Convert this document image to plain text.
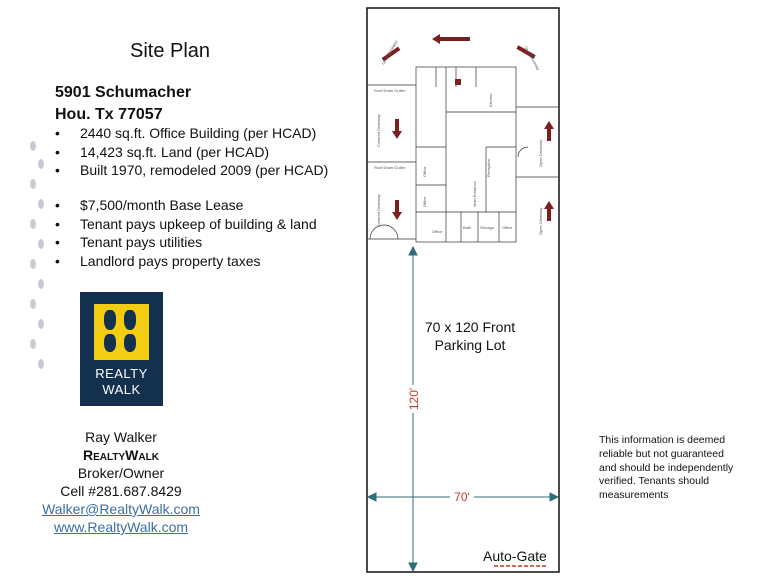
Site Plan
5901 Schumacher
Hou. Tx 77057
• 2440 sq.ft. Office Building (per HCAD)
• 14,423 sq.ft. Land (per HCAD)
• Built 1970, remodeled 2009 (per HCAD)
• $7,500/month Base Lease
• Tenant pays upkeep of building & land
• Tenant pays utilities
• Landlord pays property taxes
REALTY
WALK
Ray Walker
RealtyWalk
Broker/Owner
Cell #281.687.8429
Walker@RealtyWalk.com
www.RealtyWalk.com
This information is deemed reliable but not guaranteed and should be independently verified. Tenants should measurements
Open Driveway	Open Driveway
Covered Driveway
Covered Driveway
Open Driveway
Open Driveway
Roof Drain Gutter
Roof Drain Gutter
Kitchen
Reception
Main Entrance
Office
Office
Office
Bath Storage Office
70'
120'
70 x 120 Front Parking Lot
Auto-Gate
